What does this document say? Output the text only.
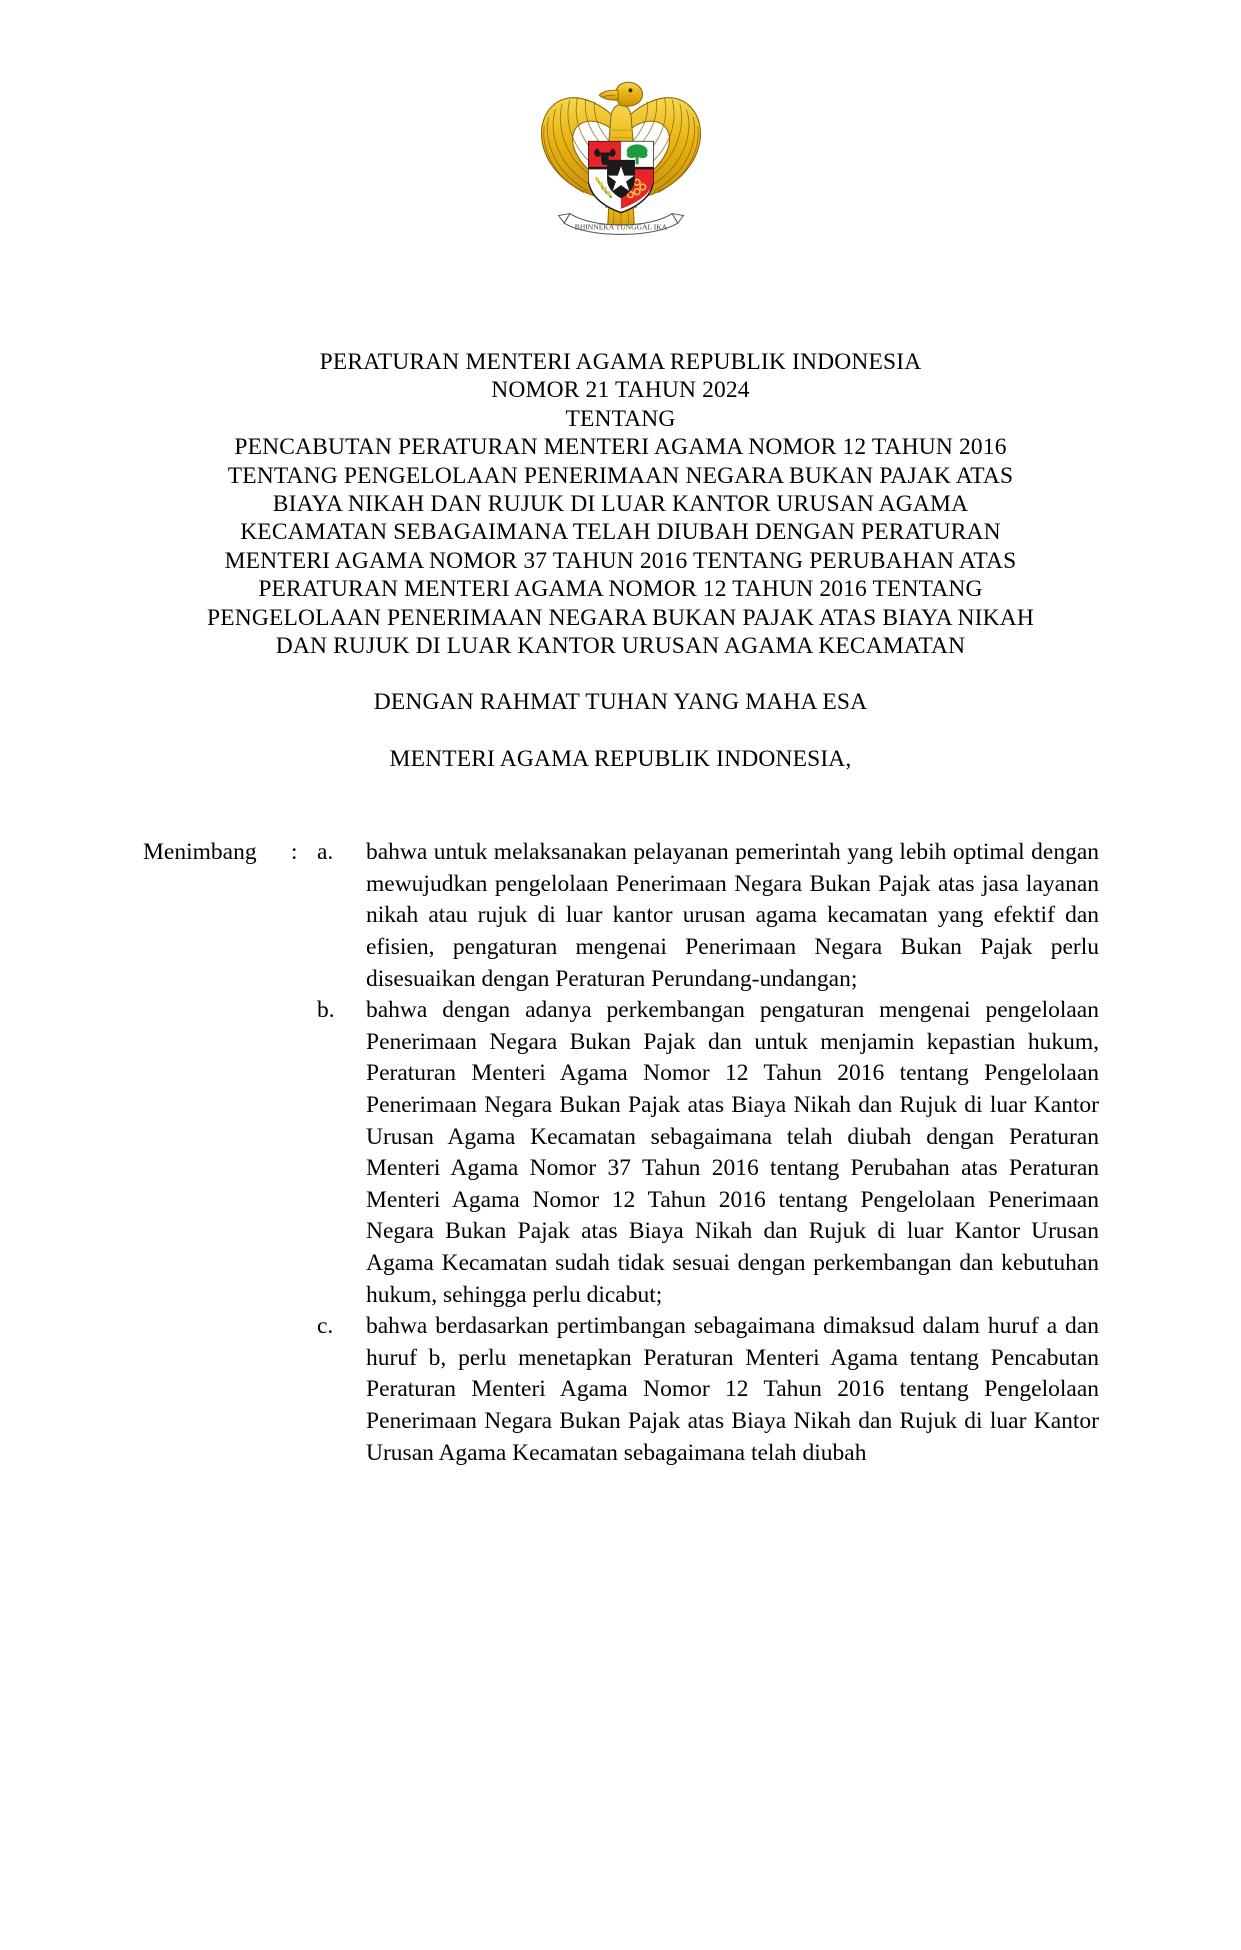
BHINNEKA TUNGGAL IKA
PERATURAN MENTERI AGAMA REPUBLIK INDONESIA
NOMOR 21 TAHUN 2024
TENTANG
PENCABUTAN PERATURAN MENTERI AGAMA NOMOR 12 TAHUN 2016
TENTANG PENGELOLAAN PENERIMAAN NEGARA BUKAN PAJAK ATAS
BIAYA NIKAH DAN RUJUK DI LUAR KANTOR URUSAN AGAMA
KECAMATAN SEBAGAIMANA TELAH DIUBAH DENGAN PERATURAN
MENTERI AGAMA NOMOR 37 TAHUN 2016 TENTANG PERUBAHAN ATAS
PERATURAN MENTERI AGAMA NOMOR 12 TAHUN 2016 TENTANG
PENGELOLAAN PENERIMAAN NEGARA BUKAN PAJAK ATAS BIAYA NIKAH
DAN RUJUK DI LUAR KANTOR URUSAN AGAMA KECAMATAN
DENGAN RAHMAT TUHAN YANG MAHA ESA
MENTERI AGAMA REPUBLIK INDONESIA,
Menimbang	: a.	bahwa untuk melaksanakan pelayanan pemerintah yang lebih optimal dengan mewujudkan pengelolaan Penerimaan Negara Bukan Pajak atas jasa layanan nikah atau rujuk di luar kantor urusan agama kecamatan yang efektif dan efisien, pengaturan mengenai Penerimaan Negara Bukan Pajak perlu disesuaikan dengan Peraturan Perundang-undangan;
b.	bahwa dengan adanya perkembangan pengaturan mengenai pengelolaan Penerimaan Negara Bukan Pajak dan untuk menjamin kepastian hukum, Peraturan Menteri Agama Nomor 12 Tahun 2016 tentang Pengelolaan Penerimaan Negara Bukan Pajak atas Biaya Nikah dan Rujuk di luar Kantor Urusan Agama Kecamatan sebagaimana telah diubah dengan Peraturan Menteri Agama Nomor 37 Tahun 2016 tentang Perubahan atas Peraturan Menteri Agama Nomor 12 Tahun 2016 tentang Pengelolaan Penerimaan Negara Bukan Pajak atas Biaya Nikah dan Rujuk di luar Kantor Urusan Agama Kecamatan sudah tidak sesuai dengan perkembangan dan kebutuhan hukum, sehingga perlu dicabut;
c.	bahwa berdasarkan pertimbangan sebagaimana dimaksud dalam huruf a dan huruf b, perlu menetapkan Peraturan Menteri Agama tentang Pencabutan Peraturan Menteri Agama Nomor 12 Tahun 2016 tentang Pengelolaan Penerimaan Negara Bukan Pajak atas Biaya Nikah dan Rujuk di luar Kantor Urusan Agama Kecamatan sebagaimana telah diubah
